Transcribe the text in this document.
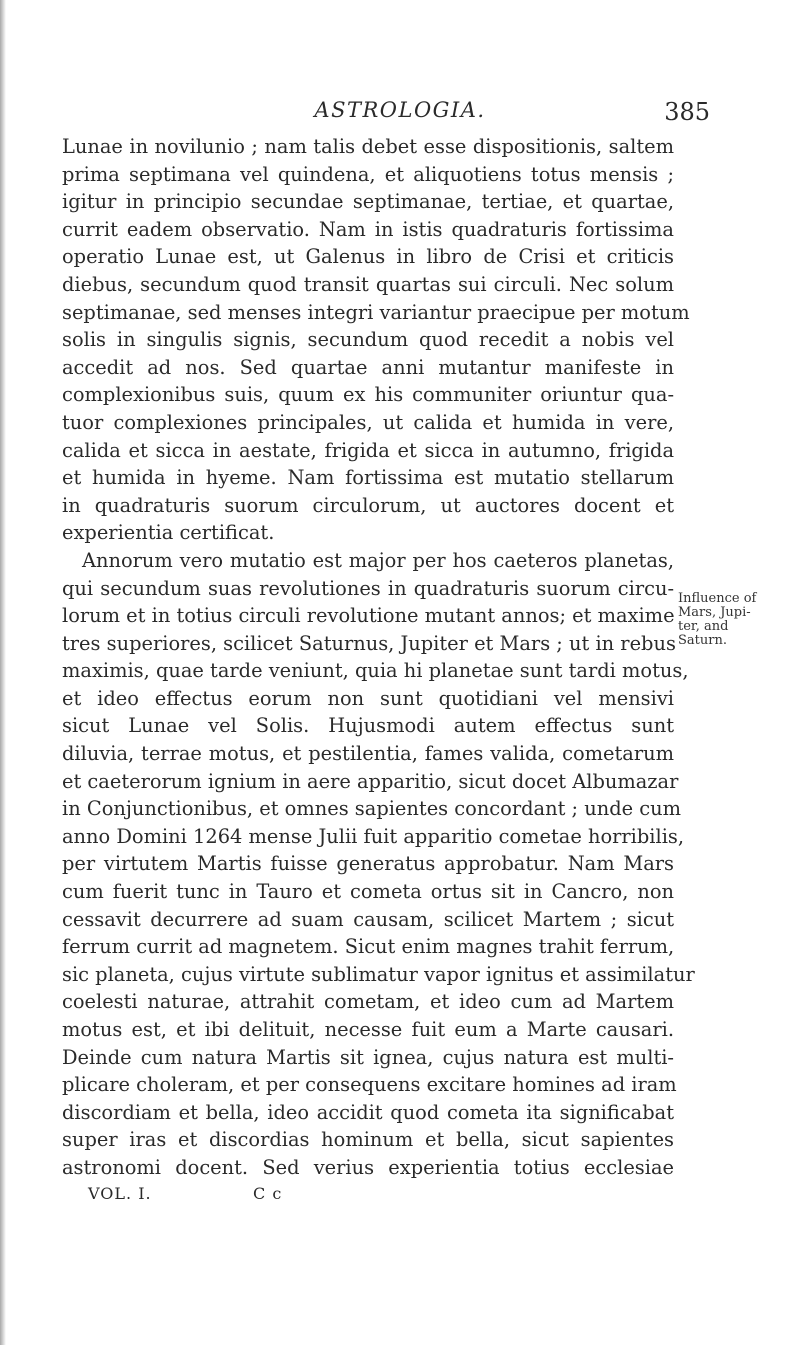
ASTROLOGIA.	385
Lunae in novilunio ; nam talis debet esse dispositionis, saltem
prima septimana vel quindena, et aliquotiens totus mensis ;
igitur in principio secundae septimanae, tertiae, et quartae,
currit eadem observatio. Nam in istis quadraturis fortissima
operatio Lunae est, ut Galenus in libro de Crisi et criticis
diebus, secundum quod transit quartas sui circuli. Nec solum
septimanae, sed menses integri variantur praecipue per motum
solis in singulis signis, secundum quod recedit a nobis vel
accedit ad nos. Sed quartae anni mutantur manifeste in
complexionibus suis, quum ex his communiter oriuntur qua-
tuor complexiones principales, ut calida et humida in vere,
calida et sicca in aestate, frigida et sicca in autumno, frigida
et humida in hyeme. Nam fortissima est mutatio stellarum
in quadraturis suorum circulorum, ut auctores docent et
experientia certificat.
Annorum vero mutatio est major per hos caeteros planetas,
qui secundum suas revolutiones in quadraturis suorum circu-
lorum et in totius circuli revolutione mutant annos; et maxime
tres superiores, scilicet Saturnus, Jupiter et Mars ; ut in rebus
maximis, quae tarde veniunt, quia hi planetae sunt tardi motus,
et ideo effectus eorum non sunt quotidiani vel mensivi
sicut Lunae vel Solis. Hujusmodi autem effectus sunt
diluvia, terrae motus, et pestilentia, fames valida, cometarum
et caeterorum ignium in aere apparitio, sicut docet Albumazar
in Conjunctionibus, et omnes sapientes concordant ; unde cum
anno Domini 1264 mense Julii fuit apparitio cometae horribilis,
per virtutem Martis fuisse generatus approbatur. Nam Mars
cum fuerit tunc in Tauro et cometa ortus sit in Cancro, non
cessavit decurrere ad suam causam, scilicet Martem ; sicut
ferrum currit ad magnetem. Sicut enim magnes trahit ferrum,
sic planeta, cujus virtute sublimatur vapor ignitus et assimilatur
coelesti naturae, attrahit cometam, et ideo cum ad Martem
motus est, et ibi delituit, necesse fuit eum a Marte causari.
Deinde cum natura Martis sit ignea, cujus natura est multi-
plicare choleram, et per consequens excitare homines ad iram
discordiam et bella, ideo accidit quod cometa ita significabat
super iras et discordias hominum et bella, sicut sapientes
astronomi docent. Sed verius experientia totius ecclesiae
Influence of
Mars, Jupi-
ter, and
Saturn.
VOL. I.	C c
